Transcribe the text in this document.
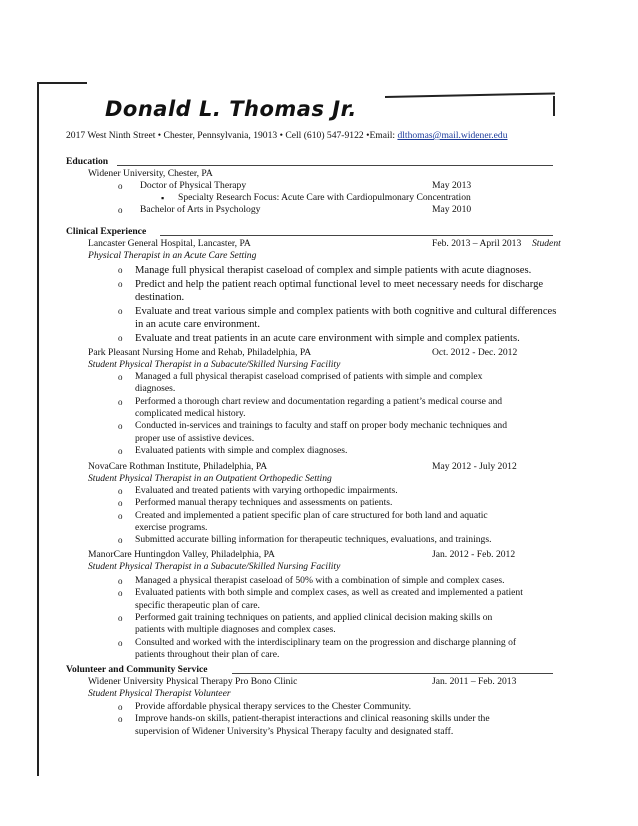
Donald L. Thomas Jr.
2017 West Ninth Street • Chester, Pennsylvania, 19013 • Cell (610) 547-9122 •Email: dlthomas@mail.widener.edu
Education
Widener University, Chester, PA
o Doctor of Physical Therapy	May 2013
▪ Specialty Research Focus: Acute Care with Cardiopulmonary Concentration
o Bachelor of Arts in Psychology	May 2010
Clinical Experience
Lancaster General Hospital, Lancaster, PA	Feb. 2013 – April 2013 Student
Physical Therapist in an Acute Care Setting
o Manage full physical therapist caseload of complex and simple patients with acute diagnoses.
o Predict and help the patient reach optimal functional level to meet necessary needs for discharge
destination.
o Evaluate and treat various simple and complex patients with both cognitive and cultural differences
in an acute care environment.
o Evaluate and treat patients in an acute care environment with simple and complex patients.
Park Pleasant Nursing Home and Rehab, Philadelphia, PA	Oct. 2012 - Dec. 2012
Student Physical Therapist in a Subacute/Skilled Nursing Facility
o Managed a full physical therapist caseload comprised of patients with simple and complex
diagnoses.
o Performed a thorough chart review and documentation regarding a patient’s medical course and
complicated medical history.
o Conducted in-services and trainings to faculty and staff on proper body mechanic techniques and
proper use of assistive devices.
o Evaluated patients with simple and complex diagnoses.
NovaCare Rothman Institute, Philadelphia, PA	May 2012 - July 2012
Student Physical Therapist in an Outpatient Orthopedic Setting
o Evaluated and treated patients with varying orthopedic impairments.
o Performed manual therapy techniques and assessments on patients.
o Created and implemented a patient specific plan of care structured for both land and aquatic
exercise programs.
o Submitted accurate billing information for therapeutic techniques, evaluations, and trainings.
ManorCare Huntingdon Valley, Philadelphia, PA	Jan. 2012 - Feb. 2012
Student Physical Therapist in a Subacute/Skilled Nursing Facility
o Managed a physical therapist caseload of 50% with a combination of simple and complex cases.
o Evaluated patients with both simple and complex cases, as well as created and implemented a patient
specific therapeutic plan of care.
o Performed gait training techniques on patients, and applied clinical decision making skills on
patients with multiple diagnoses and complex cases.
o Consulted and worked with the interdisciplinary team on the progression and discharge planning of
patients throughout their plan of care.
Volunteer and Community Service
Widener University Physical Therapy Pro Bono Clinic	Jan. 2011 – Feb. 2013
Student Physical Therapist Volunteer
o Provide affordable physical therapy services to the Chester Community.
o Improve hands-on skills, patient-therapist interactions and clinical reasoning skills under the
supervision of Widener University’s Physical Therapy faculty and designated staff.
